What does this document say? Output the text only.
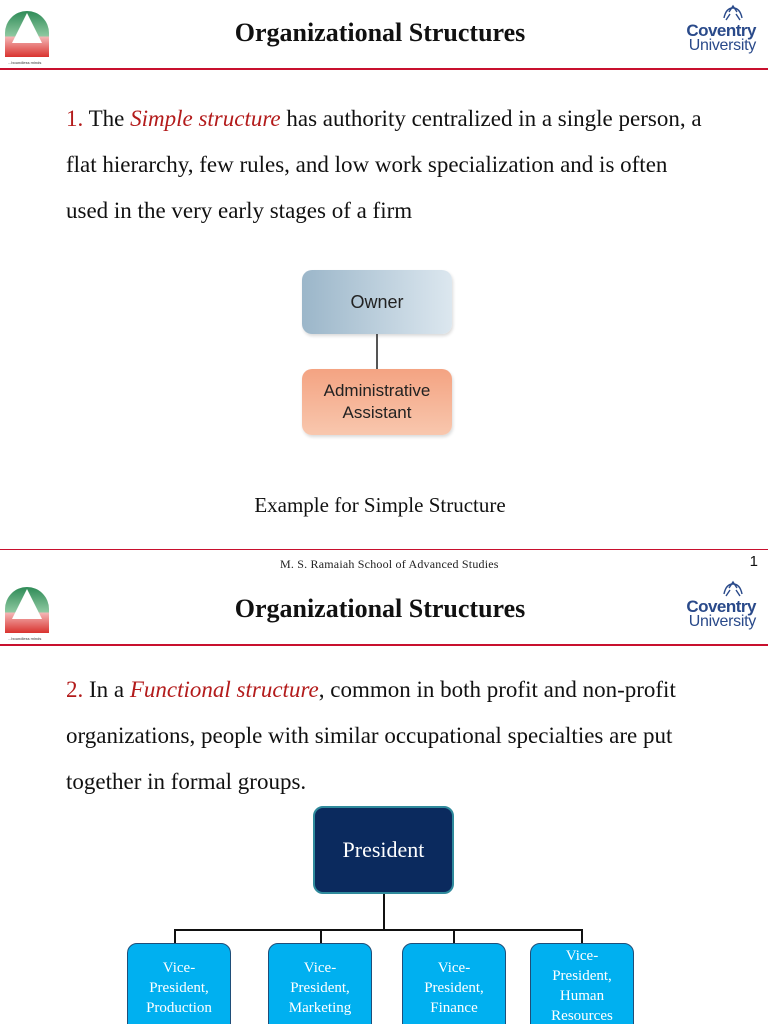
...boundless minds
Organizational Structures	Coventry
University
1. The Simple structure has authority centralized in a single person, a flat hierarchy, few rules, and low work specialization and is often used in the very early stages of a firm
Owner
Administrative
Assistant
Example for Simple Structure
M. S. Ramaiah School of Advanced Studies	1
...boundless minds
Organizational Structures	Coventry
University
2. In a Functional structure, common in both profit and non-profit organizations, people with similar occupational specialties are put together in formal groups.
President
Vice-
President,
Production
Vice-
President,
Marketing
Vice-
President,
Finance
Vice-
President,
Human
Resources
